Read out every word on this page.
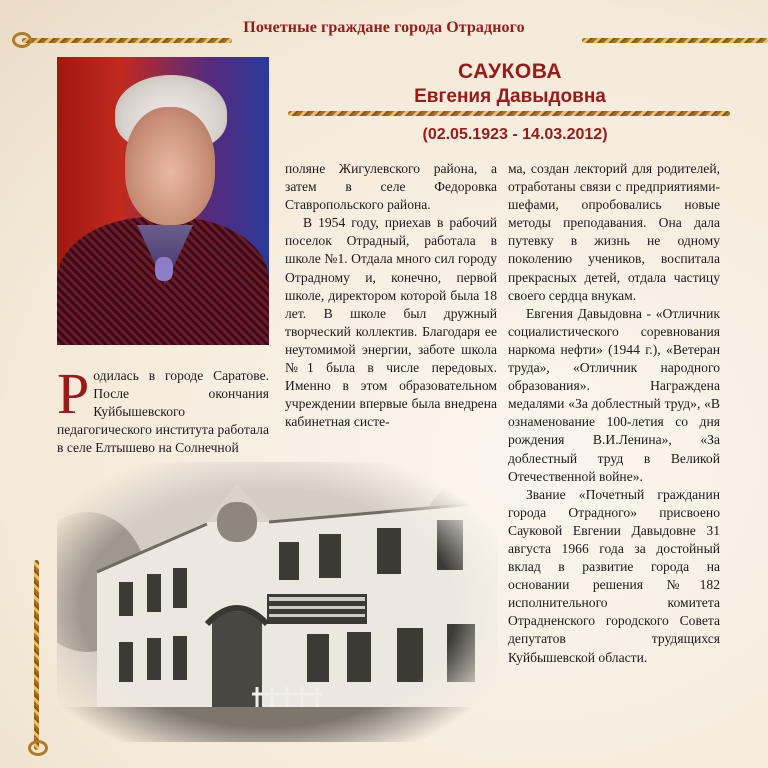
Почетные граждане города Отрадного
САУКОВА
Евгения Давыдовна
(02.05.1923 - 14.03.2012)
Р одилась в городе Саратове. После окончания Куйбышевского педагогического института работала в селе Елтышево на Солнечной

поляне Жигулевского района, а затем в селе Федоровка Ставропольского района.

В 1954 году, приехав в рабочий поселок Отрадный, работала в школе №1. Отдала много сил городу Отрадному и, конечно, первой школе, директором которой была 18 лет. В школе был дружный творческий коллектив. Благодаря ее неутомимой энергии, заботе школа №1 была в числе передовых. Именно в этом образовательном учреждении впервые была внедрена кабинетная систе-

ма, создан лекторий для родителей, отработаны связи с предприятиями-шефами, опробовались новые методы преподавания. Она дала путевку в жизнь не одному поколению учеников, воспитала прекрасных детей, отдала частицу своего сердца внукам.

Евгения Давыдовна - «Отличник социалистического соревнования наркома нефти» (1944 г.), «Ветеран труда», «Отличник народного образования». Награждена медалями «За доблестный труд», «В ознаменование 100-летия со дня рождения В.И.Ленина», «За доблестный труд в Великой Отечественной войне».

Звание «Почетный гражданин города Отрадного» присвоено Сауковой Евгении Давыдовне 31 августа 1966 года за достойный вклад в развитие города на основании решения №182 исполнительного комитета Отрадненского городского Совета депутатов трудящихся Куйбышевской области.
